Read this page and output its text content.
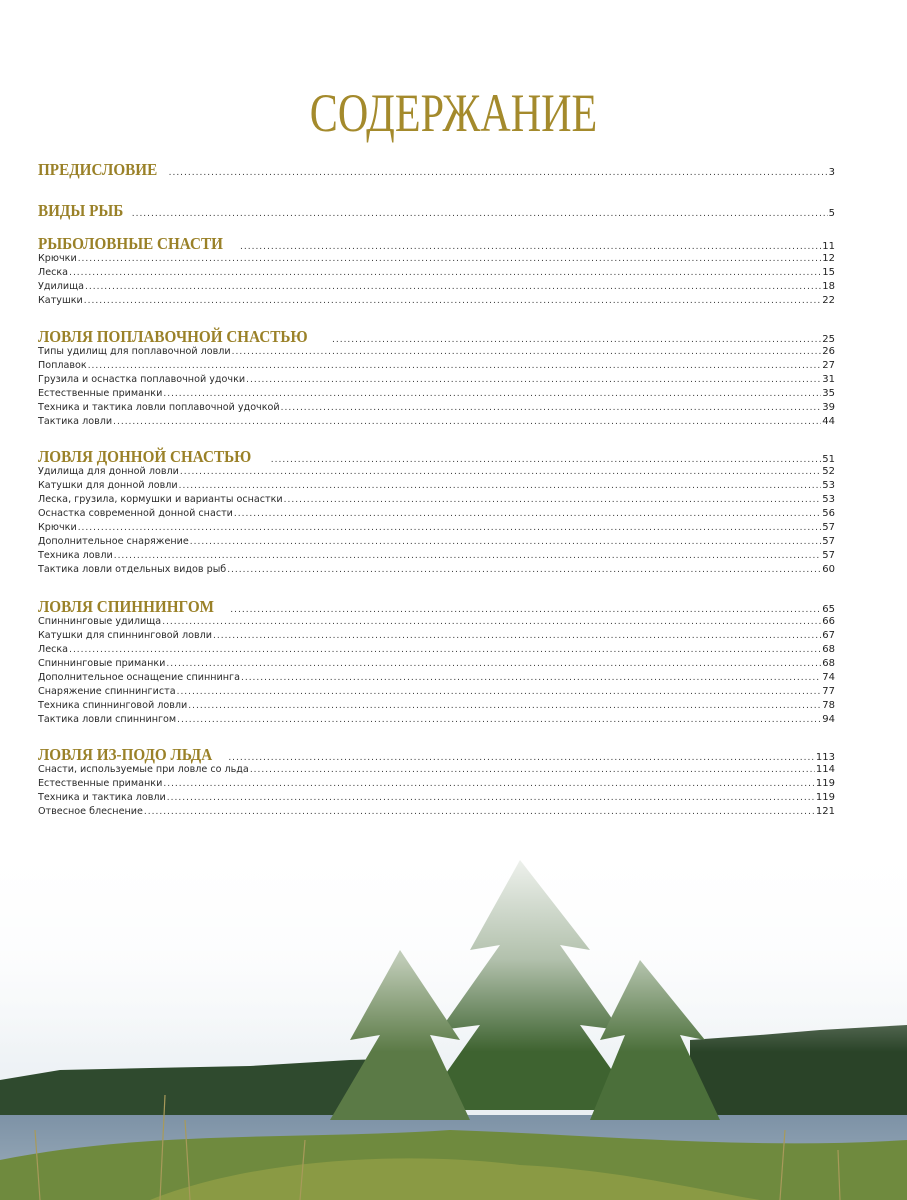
СОДЕРЖАНИЕ
ПРЕДИСЛОВИЕ .....	3
ВИДЫ РЫБ .....	5
РЫБОЛОВНЫЕ СНАСТИ .....	11
Крючки .....	12
Леска .....	15
Удилища .....	18
Катушки .....	22
ЛОВЛЯ ПОПЛАВОЧНОЙ СНАСТЬЮ .....	25
Типы удилищ для поплавочной ловли .....	26
Поплавок .....	27
Грузила и оснастка поплавочной удочки .....	31
Естественные приманки .....	35
Техника и тактика ловли поплавочной удочкой .....	39
Тактика ловли .....	44
ЛОВЛЯ ДОННОЙ СНАСТЬЮ .....	51
Удилища для донной ловли .....	52
Катушки для донной ловли .....	53
Леска, грузила, кормушки и варианты оснастки .....	53
Оснастка современной донной снасти .....	56
Крючки .....	57
Дополнительное снаряжение .....	57
Техника ловли .....	57
Тактика ловли отдельных видов рыб .....	60
ЛОВЛЯ СПИННИНГОМ .....	65
Спиннинговые удилища .....	66
Катушки для спиннинговой ловли .....	67
Леска .....	68
Спиннинговые приманки .....	68
Дополнительное оснащение спиннинга .....	74
Снаряжение спиннингиста .....	77
Техника спиннинговой ловли .....	78
Тактика ловли спиннингом .....	94
ЛОВЛЯ ИЗ-ПОДО ЛЬДА .....	113
Снасти, используемые при ловле со льда .....	114
Естественные приманки .....	119
Техника и тактика ловли .....	119
Отвесное блеснение .....	121
